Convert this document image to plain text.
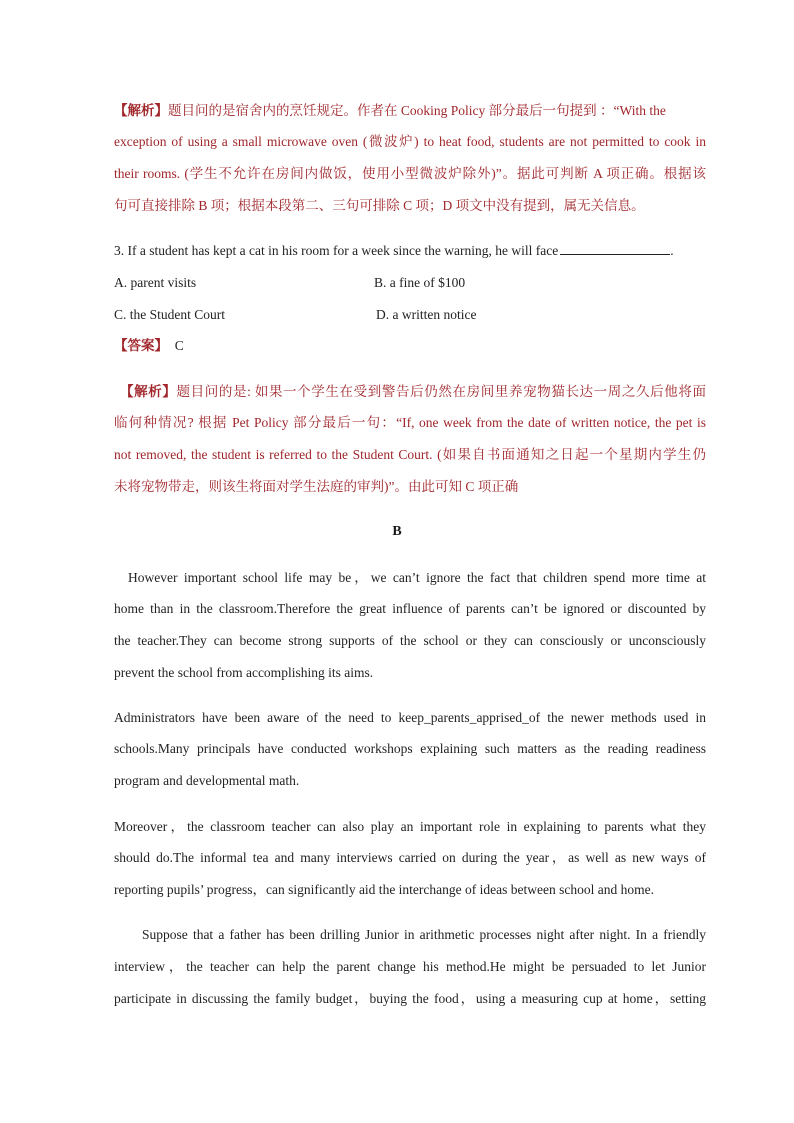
【解析】题目问的是宿舍内的烹饪规定。作者在 Cooking Policy 部分最后一句提到 ：“With the
exception of using a small microwave oven (微波炉) to heat food, students are not permitted to cook in
their rooms. (学生不允许在房间内做饭，使用小型微波炉除外)”。据此可判断 A 项正确。根据该
句可直接排除 B 项；根据本段第二、三句可排除 C 项；D 项文中没有提到，属无关信息。
3. If a student has kept a cat in his room for a week since the warning, he will face	.
A. parent visits	B. a fine of $100
C. the Student Court	D. a written notice
【答案】 C
【解析】题目问的是: 如果一个学生在受到警告后仍然在房间里养宠物猫长达一周之久后他将面
临何种情况? 根据 Pet Policy 部分最后一句：“If, one week from the date of written notice, the pet is
not removed, the student is referred to the Student Court. (如果自书面通知之日起一个星期内学生仍
未将宠物带走，则该生将面对学生法庭的审判)”。由此可知 C 项正确
B
However important school life may be，we can’t ignore the fact that children spend more time at
home than in the classroom.Therefore the great influence of parents can’t be ignored or discounted by
the teacher.They can become strong supports of the school or they can consciously or unconsciously
prevent the school from accomplishing its aims.
Administrators have been aware of the need to keep_parents_apprised_of the newer methods used in
schools.Many principals have conducted workshops explaining such matters as the reading readiness
program and developmental math.
Moreover，the classroom teacher can also play an important role in explaining to parents what they
should do.The informal tea and many interviews carried on during the year，as well as new ways of
reporting pupils’ progress，can significantly aid the interchange of ideas between school and home.
Suppose that a father has been drilling Junior in arithmetic processes night after night. In a friendly
interview，the teacher can help the parent change his method.He might be persuaded to let Junior
participate in discussing the family budget，buying the food，using a measuring cup at home，setting
